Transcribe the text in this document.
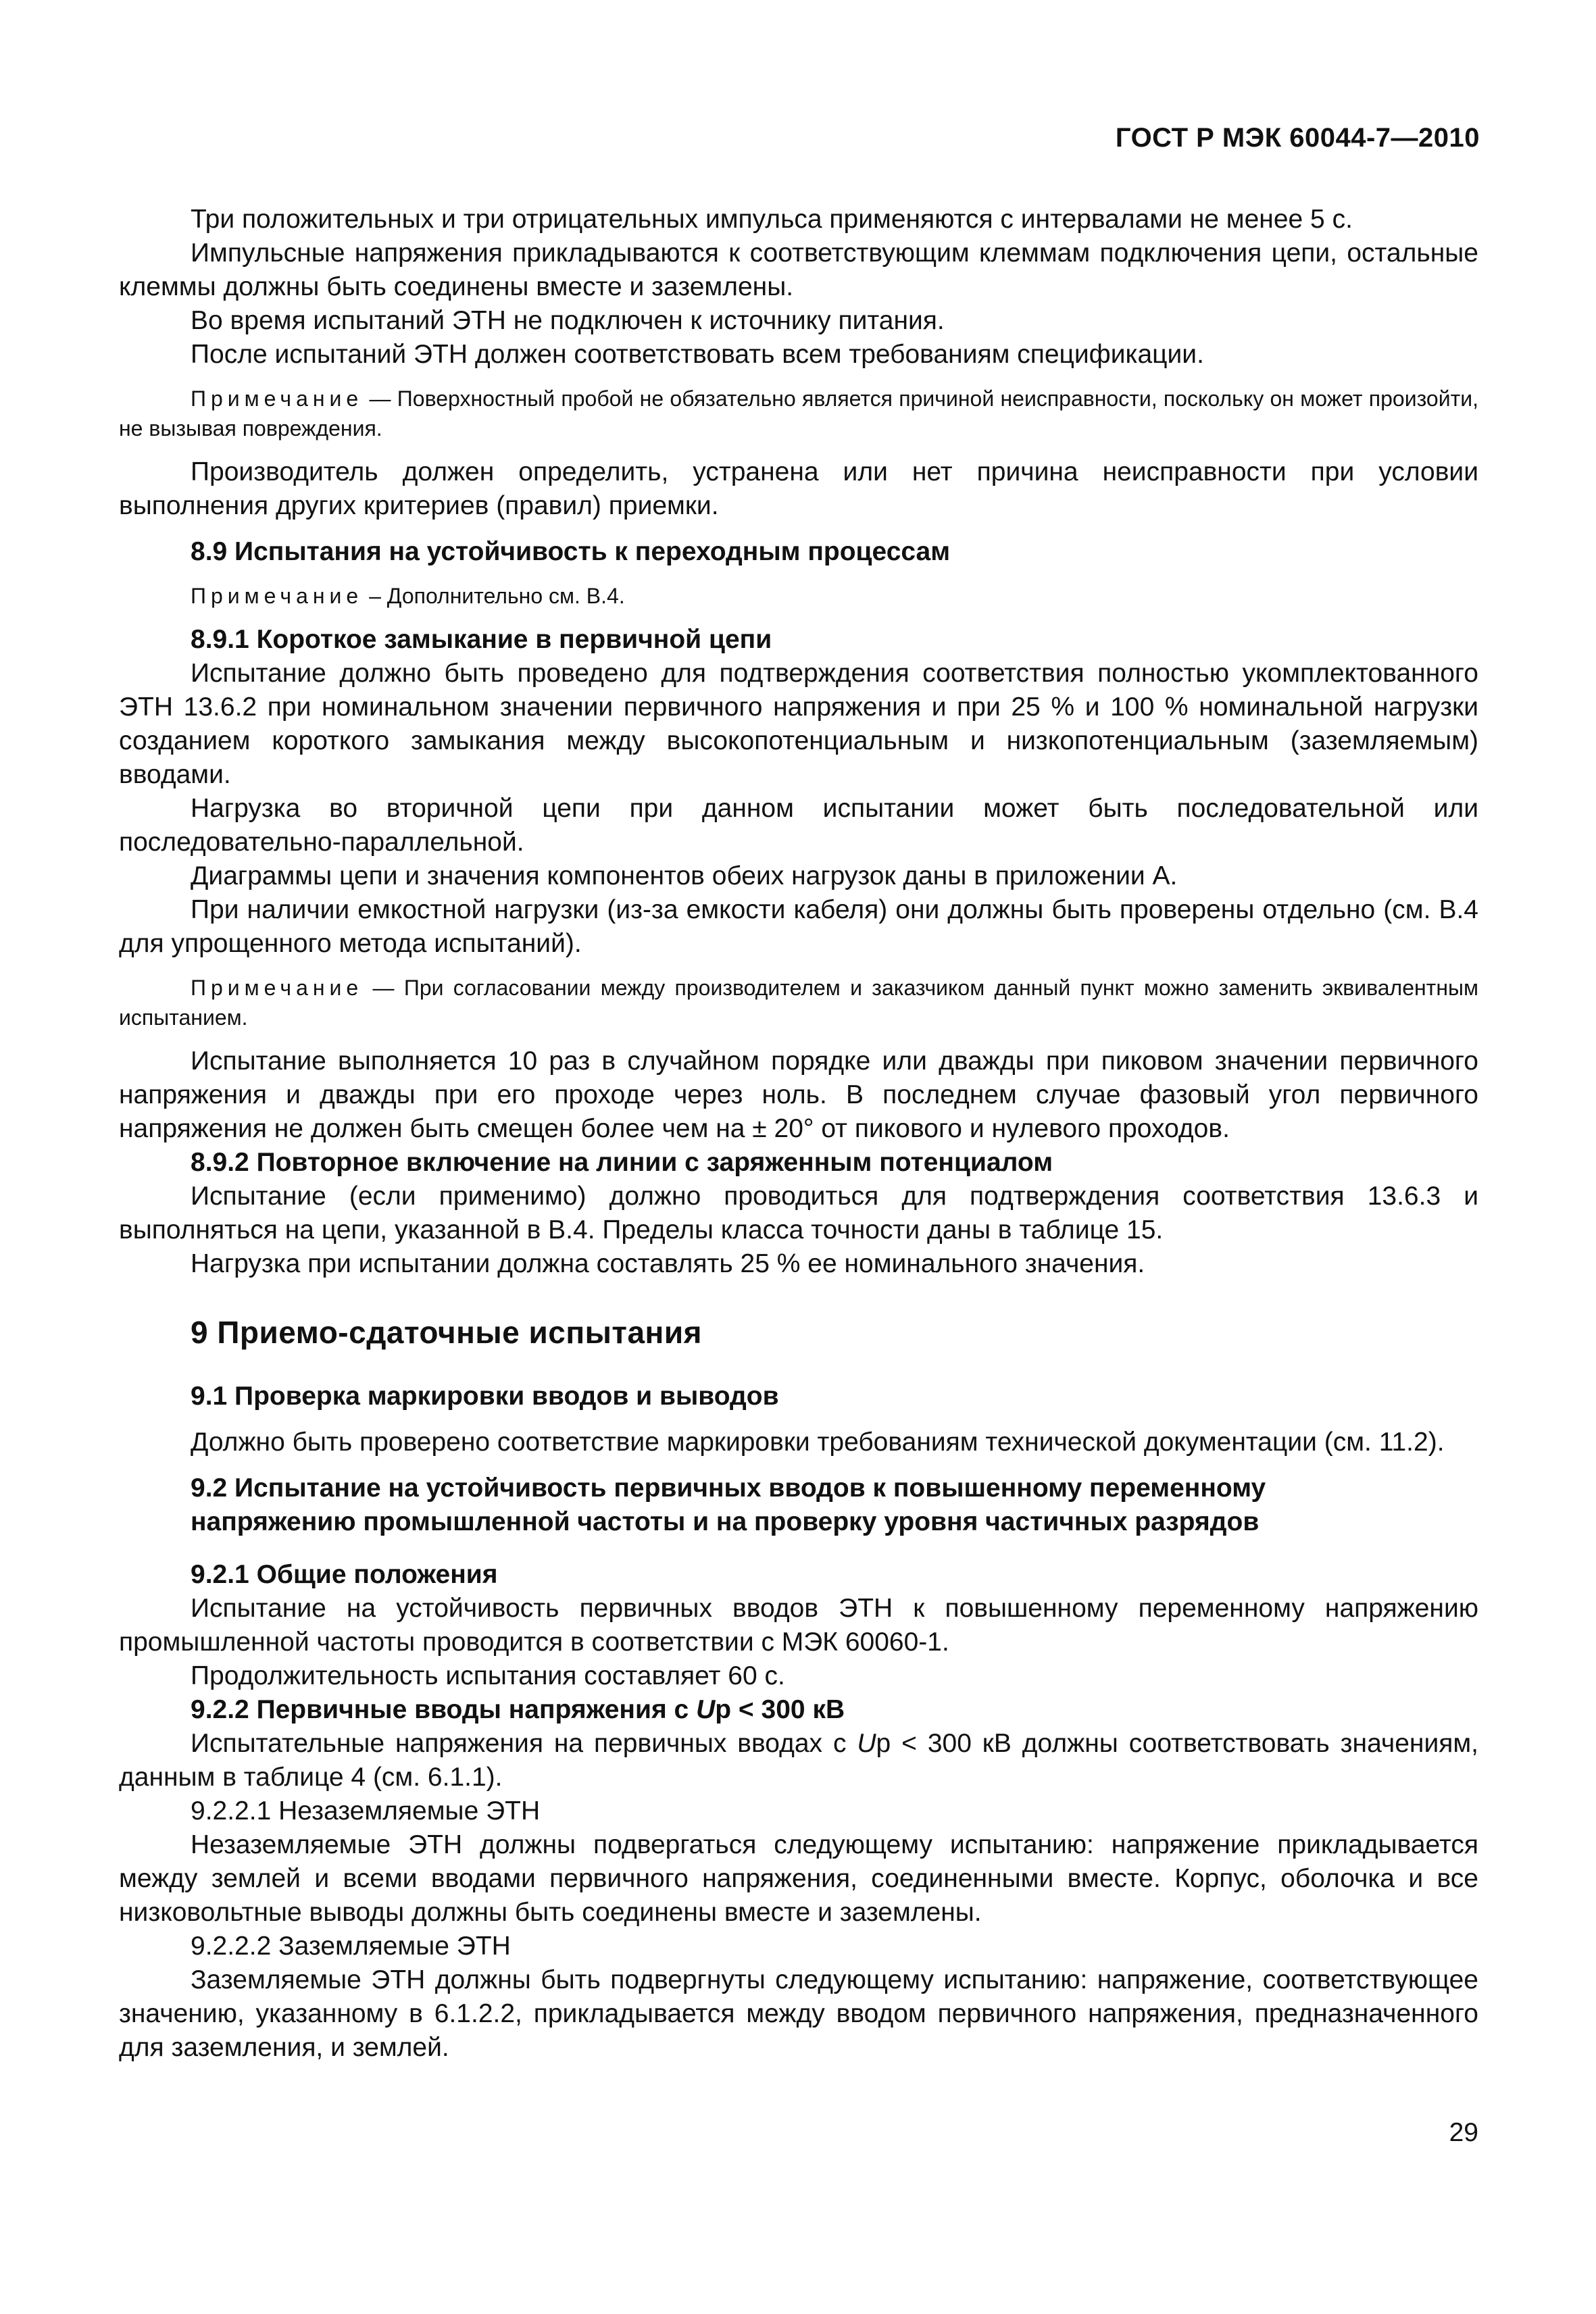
ГОСТ Р МЭК 60044-7—2010

Три положительных и три отрицательных импульса применяются с интервалами не менее 5 с.

Импульсные напряжения прикладываются к соответствующим клеммам подключения цепи, остальные клеммы должны быть соединены вместе и заземлены.

Во время испытаний ЭТН не подключен к источнику питания.

После испытаний ЭТН должен соответствовать всем требованиям спецификации.

Примечание — Поверхностный пробой не обязательно является причиной неисправности, поскольку он может произойти, не вызывая повреждения.

Производитель должен определить, устранена или нет причина неисправности при условии выполнения других критериев (правил) приемки.

8.9 Испытания на устойчивость к переходным процессам

Примечание – Дополнительно см. В.4.

8.9.1 Короткое замыкание в первичной цепи

Испытание должно быть проведено для подтверждения соответствия полностью укомплектованного ЭТН 13.6.2 при номинальном значении первичного напряжения и при 25 % и 100 % номинальной нагрузки созданием короткого замыкания между высокопотенциальным и низкопотенциальным (заземляемым) вводами.

Нагрузка во вторичной цепи при данном испытании может быть последовательной или последовательно-параллельной.

Диаграммы цепи и значения компонентов обеих нагрузок даны в приложении А.

При наличии емкостной нагрузки (из-за емкости кабеля) они должны быть проверены отдельно (см. В.4 для упрощенного метода испытаний).

Примечание — При согласовании между производителем и заказчиком данный пункт можно заменить эквивалентным испытанием.

Испытание выполняется 10 раз в случайном порядке или дважды при пиковом значении первичного напряжения и дважды при его проходе через ноль. В последнем случае фазовый угол первичного напряжения не должен быть смещен более чем на ± 20° от пикового и нулевого проходов.

8.9.2 Повторное включение на линии с заряженным потенциалом

Испытание (если применимо) должно проводиться для подтверждения соответствия 13.6.3 и выполняться на цепи, указанной в В.4. Пределы класса точности даны в таблице 15.

Нагрузка при испытании должна составлять 25 % ее номинального значения.

9 Приемо-сдаточные испытания
9.1 Проверка маркировки вводов и выводов

Должно быть проверено соответствие маркировки требованиям технической документации (см. 11.2).

9.2 Испытание на устойчивость первичных вводов к повышенному переменному
напряжению промышленной частоты и на проверку уровня частичных разрядов
9.2.1 Общие положения

Испытание на устойчивость первичных вводов ЭТН к повышенному переменному напряжению промышленной частоты проводится в соответствии с МЭК 60060-1.

Продолжительность испытания составляет 60 с.

9.2.2 Первичные вводы напряжения с Uр < 300 кВ

Испытательные напряжения на первичных вводах с Uр < 300 кВ должны соответствовать значениям, данным в таблице 4 (см. 6.1.1).

9.2.2.1 Незаземляемые ЭТН

Незаземляемые ЭТН должны подвергаться следующему испытанию: напряжение прикладывается между землей и всеми вводами первичного напряжения, соединенными вместе. Корпус, оболочка и все низковольтные выводы должны быть соединены вместе и заземлены.

9.2.2.2 Заземляемые ЭТН

Заземляемые ЭТН должны быть подвергнуты следующему испытанию: напряжение, соответствующее значению, указанному в 6.1.2.2, прикладывается между вводом первичного напряжения, предназначенного для заземления, и землей.

29
